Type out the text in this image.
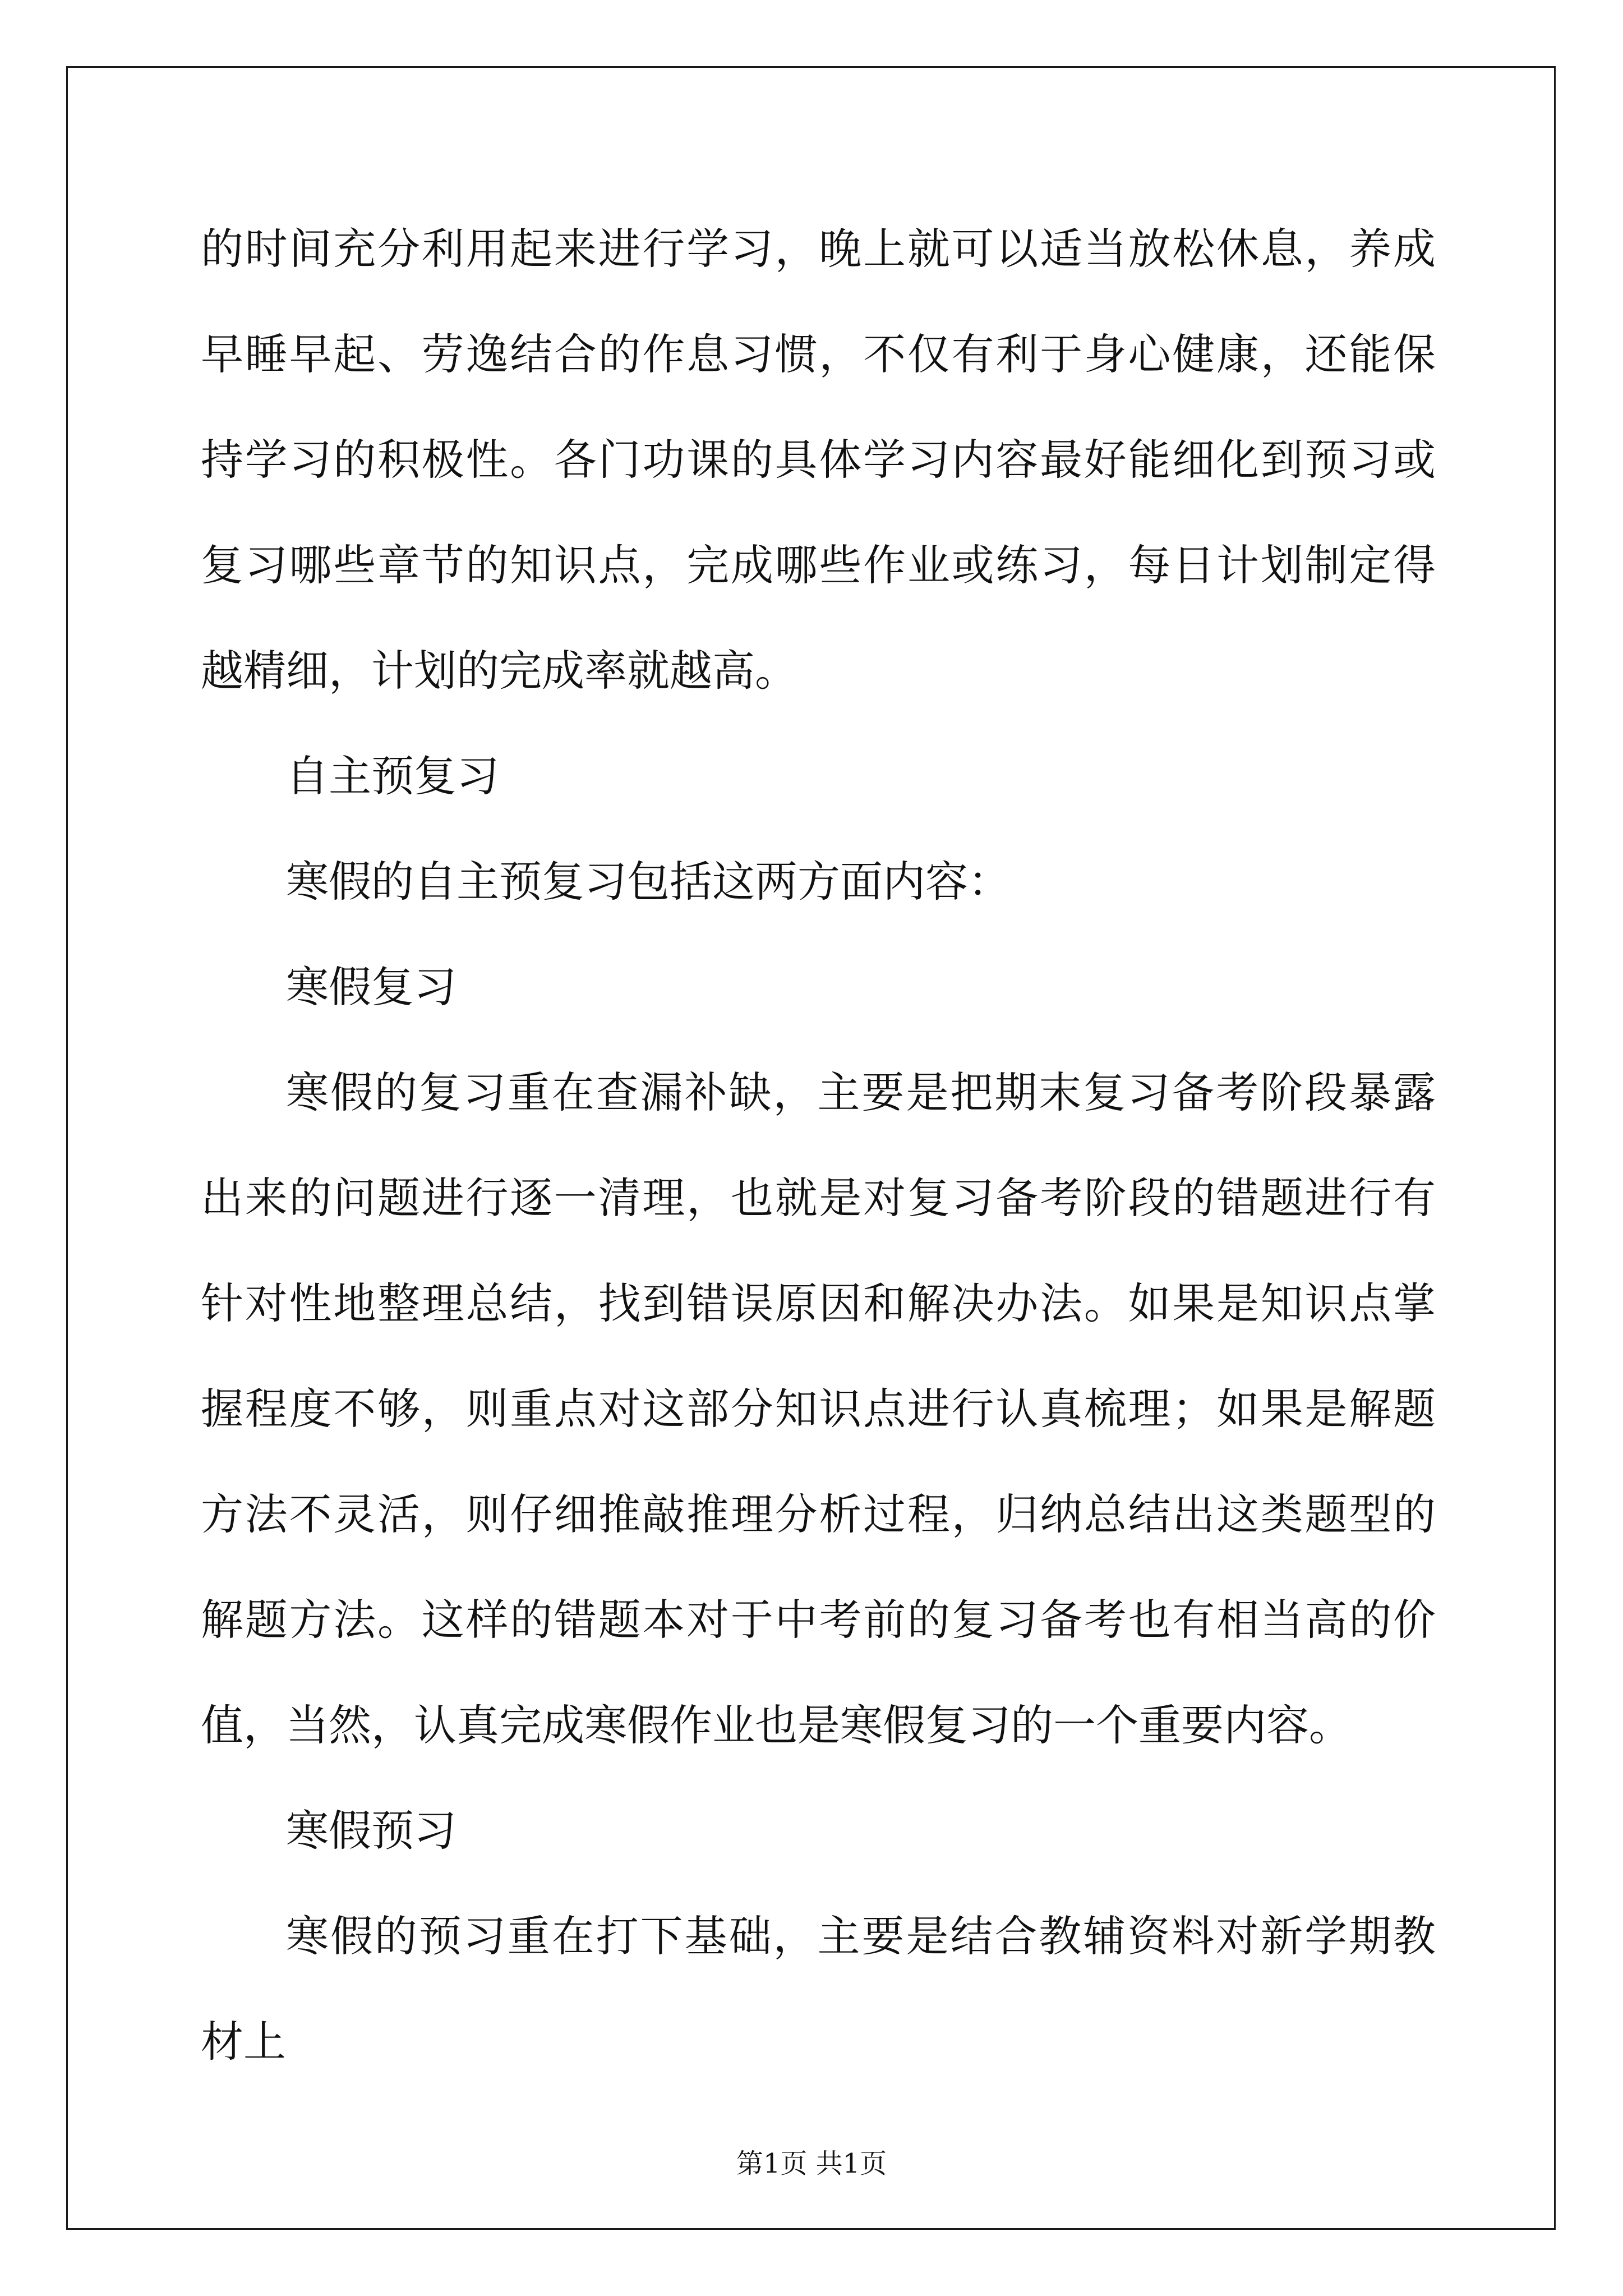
的时间充分利用起来进行学习，晚上就可以适当放松休息，养成早睡早起、劳逸结合的作息习惯，不仅有利于身心健康，还能保持学习的积极性。各门功课的具体学习内容最好能细化到预习或复习哪些章节的知识点，完成哪些作业或练习，每日计划制定得越精细，计划的完成率就越高。

自主预复习

寒假的自主预复习包括这两方面内容：

寒假复习

寒假的复习重在查漏补缺，主要是把期末复习备考阶段暴露出来的问题进行逐一清理，也就是对复习备考阶段的错题进行有针对性地整理总结，找到错误原因和解决办法。如果是知识点掌握程度不够，则重点对这部分知识点进行认真梳理；如果是解题方法不灵活，则仔细推敲推理分析过程，归纳总结出这类题型的解题方法。这样的错题本对于中考前的复习备考也有相当高的价值，当然，认真完成寒假作业也是寒假复习的一个重要内容。

寒假预习

寒假的预习重在打下基础，主要是结合教辅资料对新学期教材上

第1页 共1页
